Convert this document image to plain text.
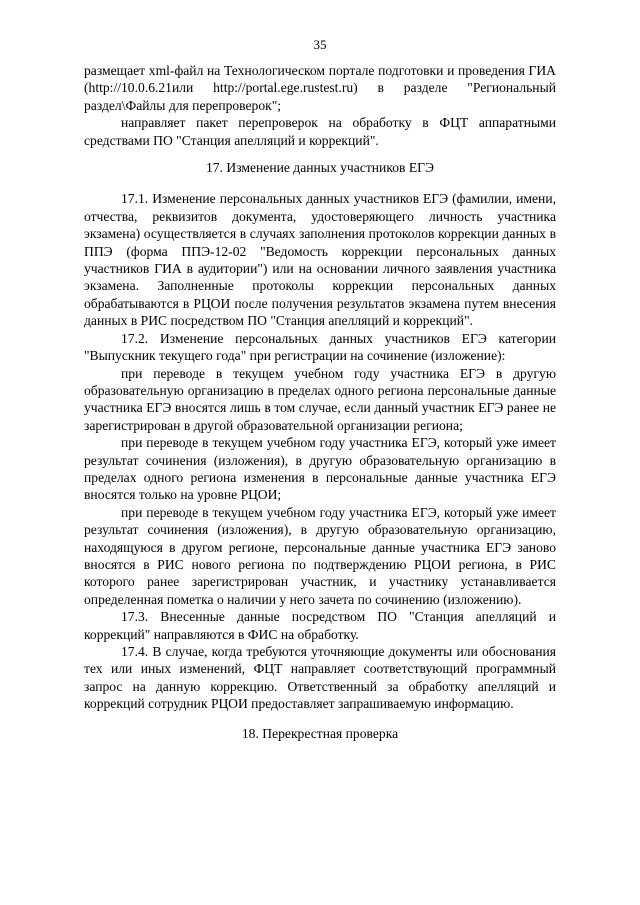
35

размещает xml-файл на Технологическом портале подготовки и проведения ГИА (http://10.0.6.21или http://portal.ege.rustest.ru) в разделе "Региональный раздел\Файлы для перепроверок";

направляет пакет перепроверок на обработку в ФЦТ аппаратными средствами ПО "Станция апелляций и коррекций".

17. Изменение данных участников ЕГЭ

17.1. Изменение персональных данных участников ЕГЭ (фамилии, имени, отчества, реквизитов документа, удостоверяющего личность участника экзамена) осуществляется в случаях заполнения протоколов коррекции данных в ППЭ (форма ППЭ-12-02 "Ведомость коррекции персональных данных участников ГИА в аудитории") или на основании личного заявления участника экзамена. Заполненные протоколы коррекции персональных данных обрабатываются в РЦОИ после получения результатов экзамена путем внесения данных в РИС посредством ПО "Станция апелляций и коррекций".

17.2. Изменение персональных данных участников ЕГЭ категории "Выпускник текущего года" при регистрации на сочинение (изложение):

при переводе в текущем учебном году участника ЕГЭ в другую образовательную организацию в пределах одного региона персональные данные участника ЕГЭ вносятся лишь в том случае, если данный участник ЕГЭ ранее не зарегистрирован в другой образовательной организации региона;

при переводе в текущем учебном году участника ЕГЭ, который уже имеет результат сочинения (изложения), в другую образовательную организацию в пределах одного региона изменения в персональные данные участника ЕГЭ вносятся только на уровне РЦОИ;

при переводе в текущем учебном году участника ЕГЭ, который уже имеет результат сочинения (изложения), в другую образовательную организацию, находящуюся в другом регионе, персональные данные участника ЕГЭ заново вносятся в РИС нового региона по подтверждению РЦОИ региона, в РИС которого ранее зарегистрирован участник, и участнику устанавливается определенная пометка о наличии у него зачета по сочинению (изложению).

17.3. Внесенные данные посредством ПО "Станция апелляций и коррекций" направляются в ФИС на обработку.

17.4. В случае, когда требуются уточняющие документы или обоснования тех или иных изменений, ФЦТ направляет соответствующий программный запрос на данную коррекцию. Ответственный за обработку апелляций и коррекций сотрудник РЦОИ предоставляет запрашиваемую информацию.

18. Перекрестная проверка
